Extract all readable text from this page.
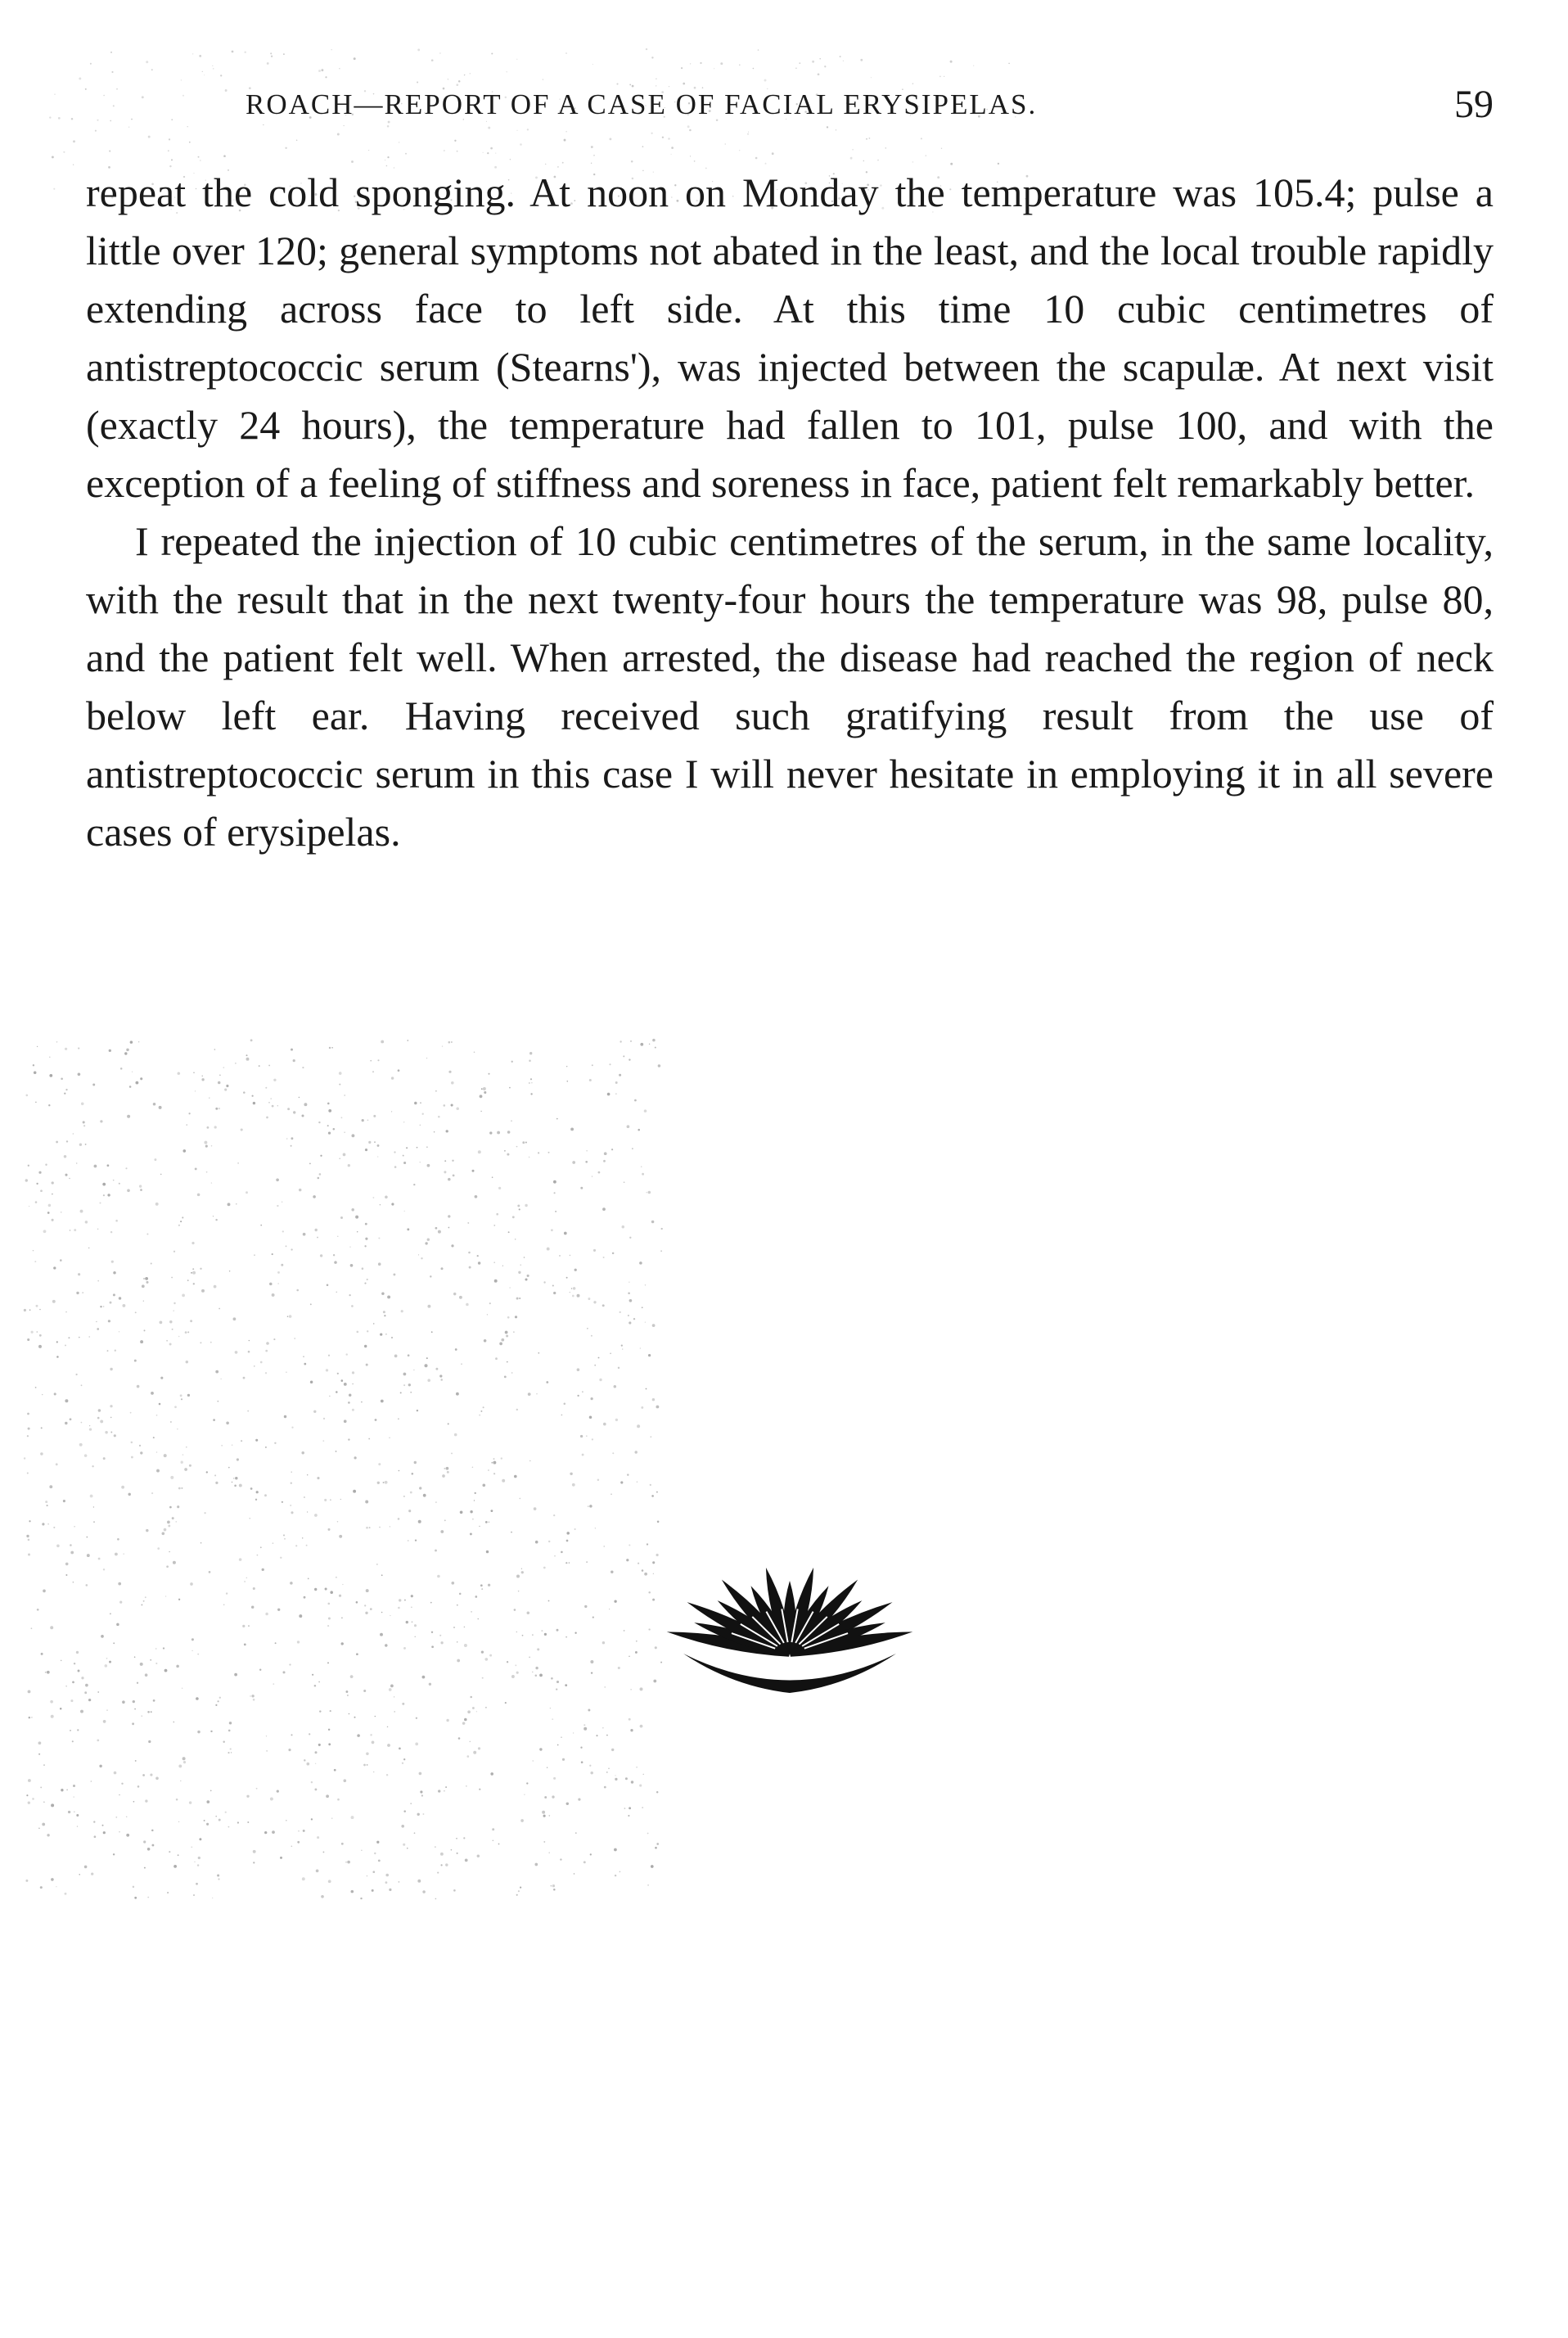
ROACH—REPORT OF A CASE OF FACIAL ERYSIPELAS.	59

repeat the cold sponging. At noon on Monday the temperature was 105.4; pulse a little over 120; general symptoms not abated in the least, and the local trouble rapidly extending across face to left side. At this time 10 cubic centimetres of antistreptococcic serum (Stearns'), was injected between the scapulæ. At next visit (exactly 24 hours), the temperature had fallen to 101, pulse 100, and with the exception of a feeling of stiffness and soreness in face, patient felt remarkably better.

I repeated the injection of 10 cubic centimetres of the serum, in the same locality, with the result that in the next twenty-four hours the temperature was 98, pulse 80, and the patient felt well. When arrested, the disease had reached the region of neck below left ear. Having received such gratifying result from the use of antistreptococcic serum in this case I will never hesitate in employing it in all severe cases of erysipelas.
